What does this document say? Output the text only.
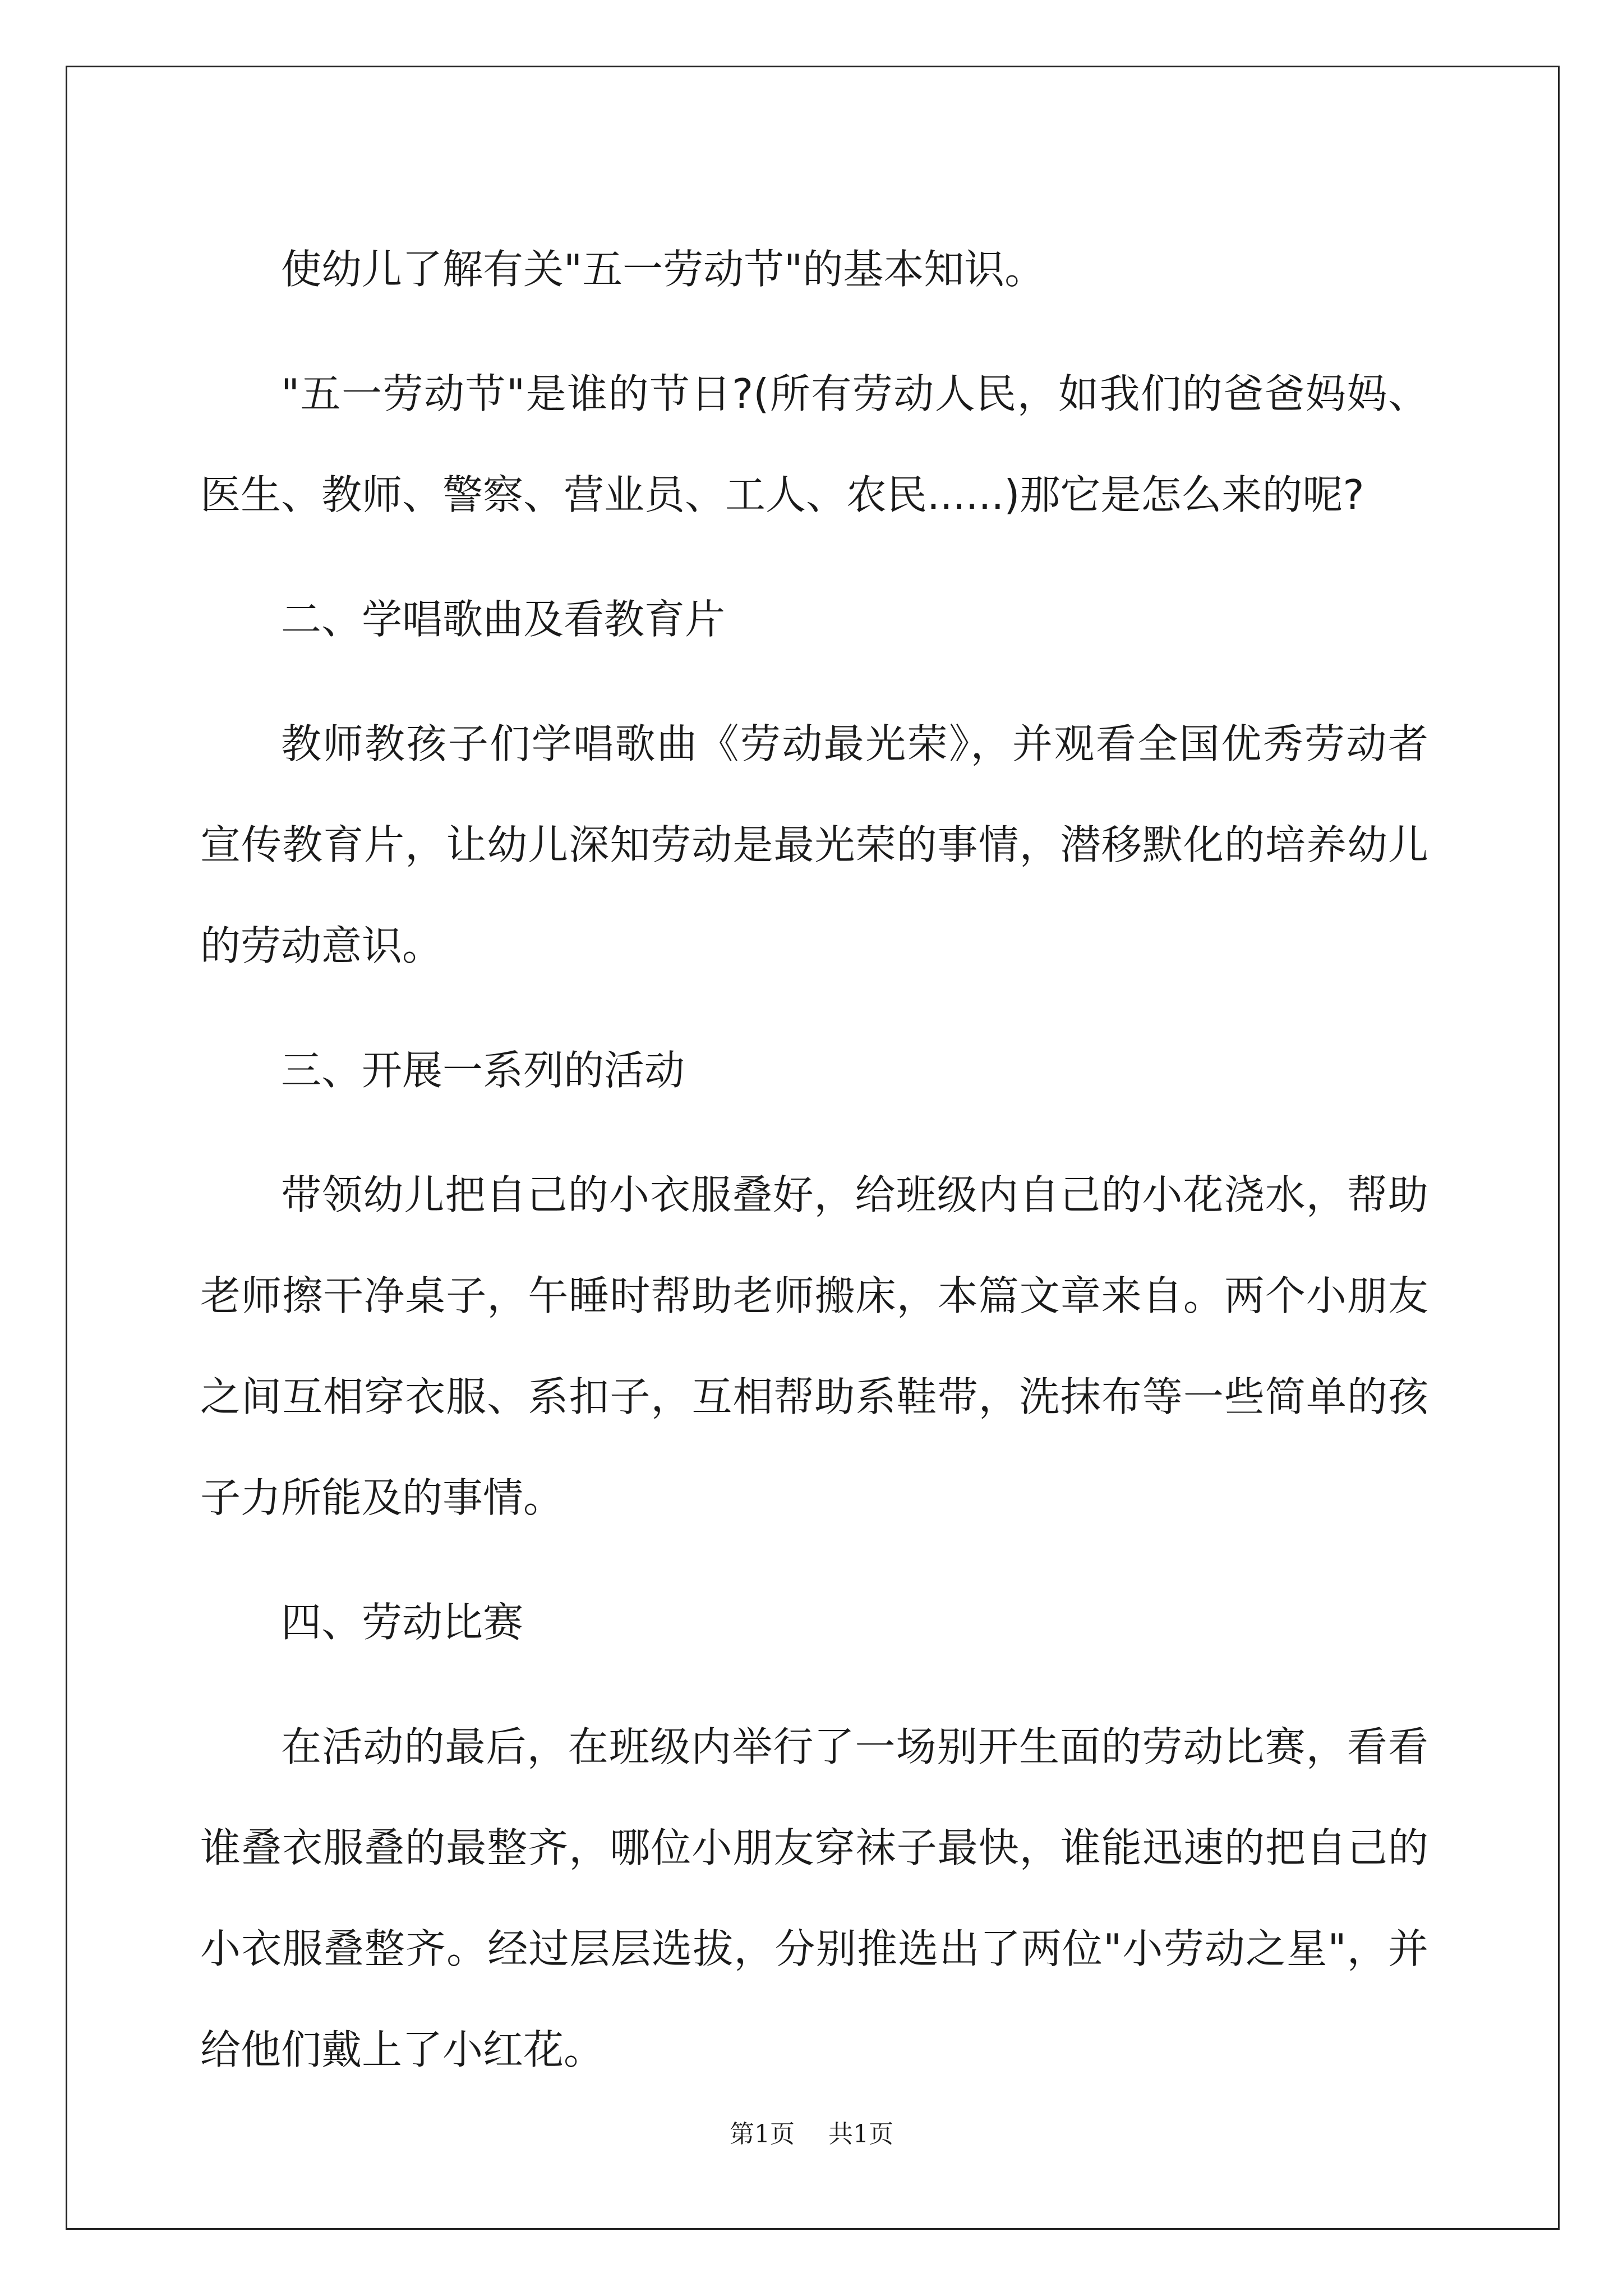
使幼儿了解有关"五一劳动节"的基本知识。

"五一劳动节"是谁的节日?(所有劳动人民，如我们的爸爸妈妈、医生、教师、警察、营业员、工人、农民......)那它是怎么来的呢?

二、学唱歌曲及看教育片

教师教孩子们学唱歌曲《劳动最光荣》，并观看全国优秀劳动者宣传教育片，让幼儿深知劳动是最光荣的事情，潜移默化的培养幼儿的劳动意识。

三、开展一系列的活动

带领幼儿把自己的小衣服叠好，给班级内自己的小花浇水，帮助老师擦干净桌子，午睡时帮助老师搬床，本篇文章来自。两个小朋友之间互相穿衣服、系扣子，互相帮助系鞋带，洗抹布等一些简单的孩子力所能及的事情。

四、劳动比赛

在活动的最后，在班级内举行了一场别开生面的劳动比赛，看看谁叠衣服叠的最整齐，哪位小朋友穿袜子最快，谁能迅速的把自己的小衣服叠整齐。经过层层选拔，分别推选出了两位"小劳动之星"，并给他们戴上了小红花。

第1页 共1页
